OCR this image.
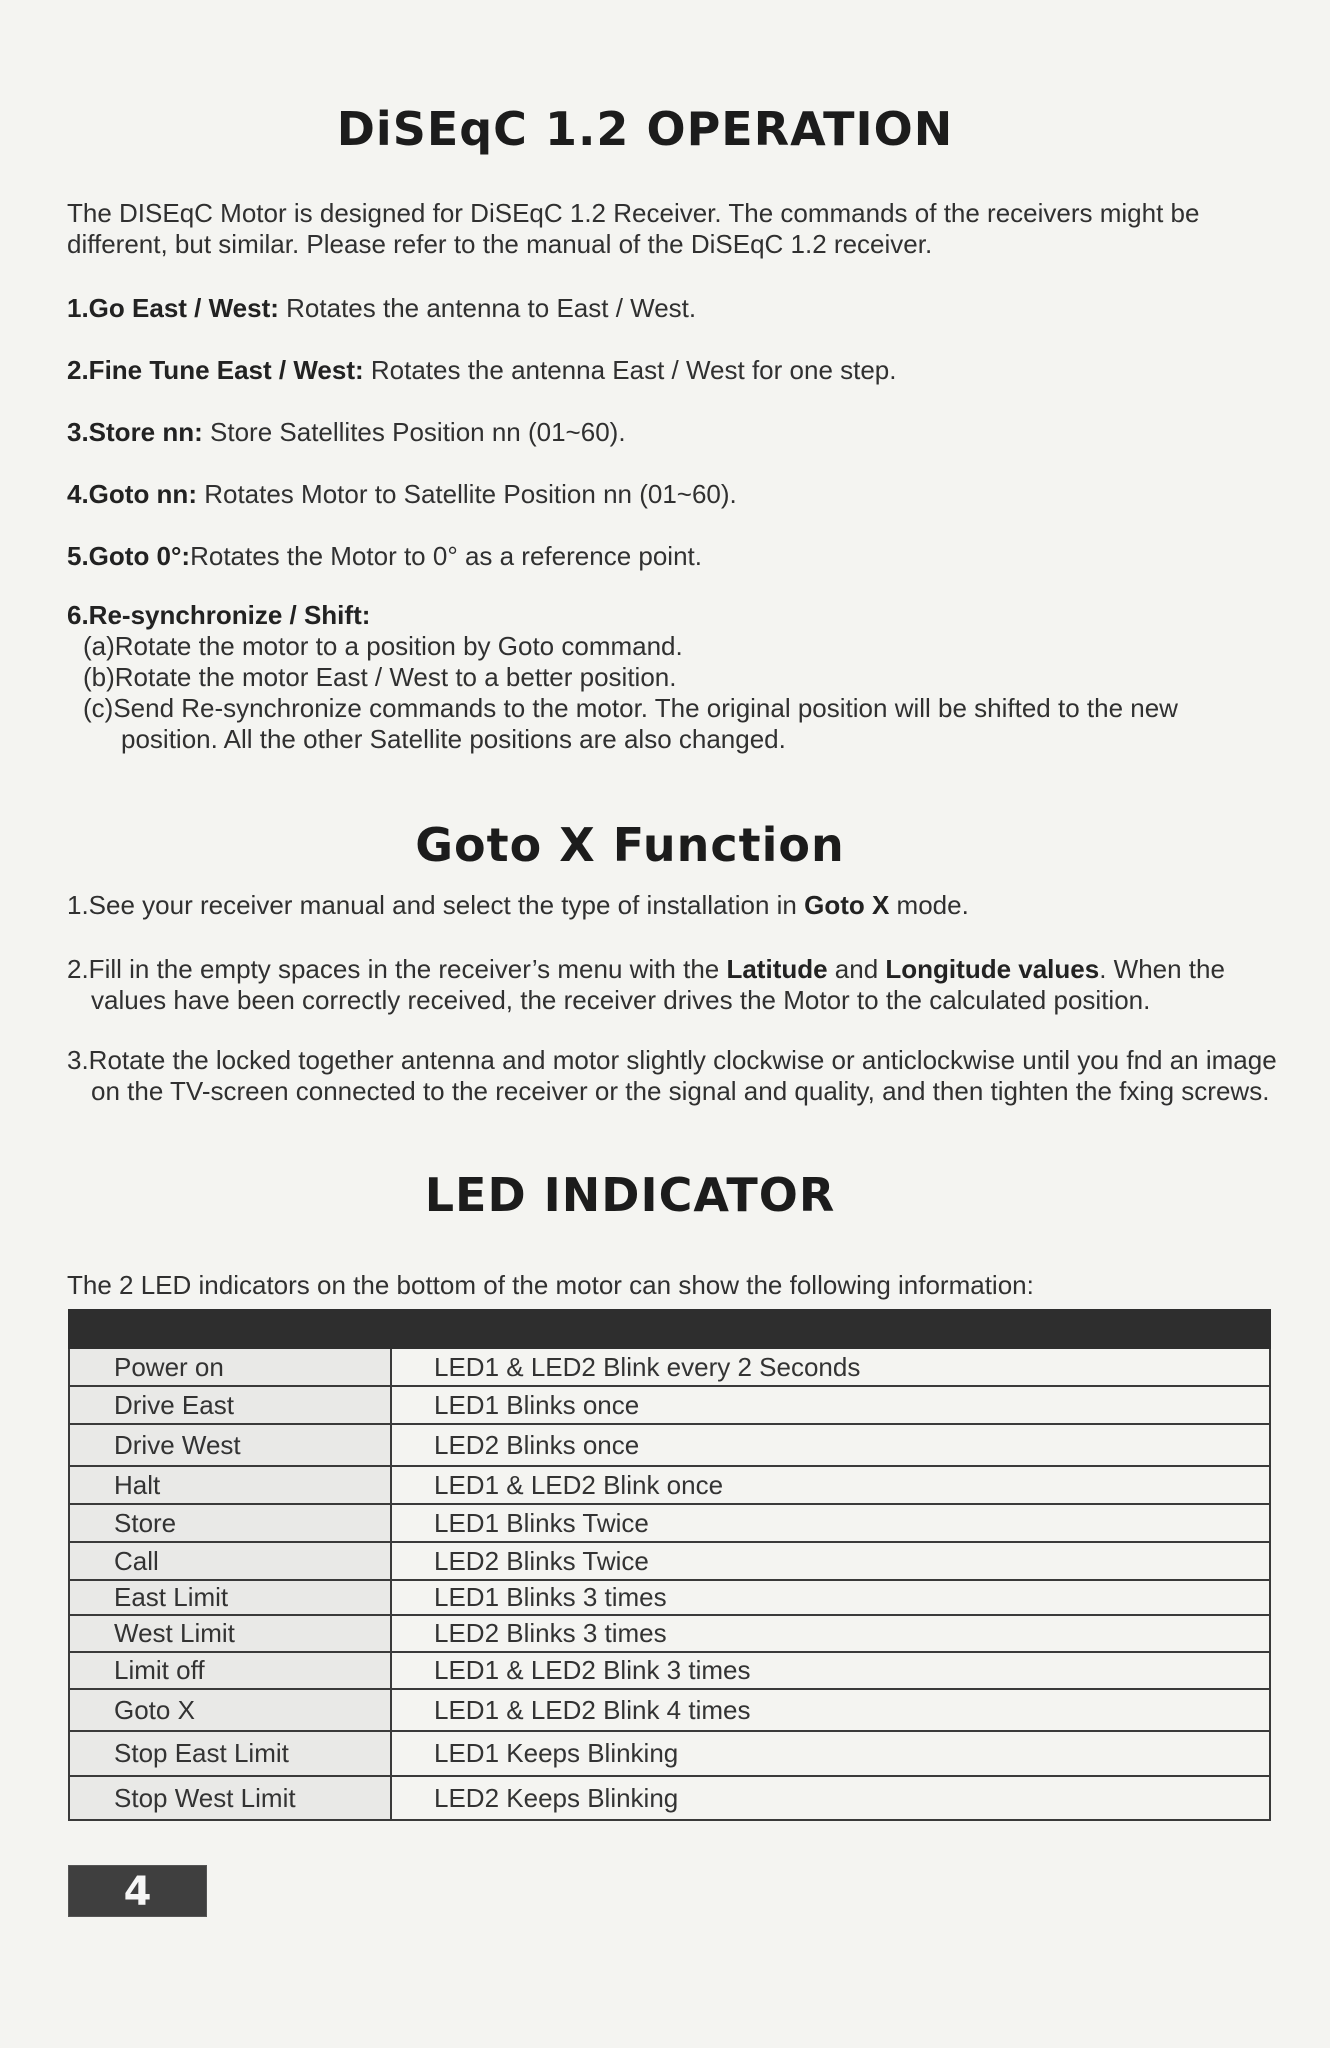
DiSEqC 1.2 OPERATION
The DISEqC Motor is designed for DiSEqC 1.2 Receiver. The commands of the receivers might be different, but similar. Please refer to the manual of the DiSEqC 1.2 receiver.
1.Go East / West: Rotates the antenna to East / West.
2.Fine Tune East / West: Rotates the antenna East / West for one step.
3.Store nn: Store Satellites Position nn (01~60).
4.Goto nn: Rotates Motor to Satellite Position nn (01~60).
5.Goto 0°:Rotates the Motor to 0° as a reference point.
6.Re-synchronize / Shift:
(a)Rotate the motor to a position by Goto command.
(b)Rotate the motor East / West to a better position.
(c)Send Re-synchronize commands to the motor. The original position will be shifted to the new position. All the other Satellite positions are also changed.
Goto X Function
1.See your receiver manual and select the type of installation in Goto X mode.
2.Fill in the empty spaces in the receiver’s menu with the Latitude and Longitude values. When the values have been correctly received, the receiver drives the Motor to the calculated position.
3.Rotate the locked together antenna and motor slightly clockwise or anticlockwise until you fnd an image on the TV-screen connected to the receiver or the signal and quality, and then tighten the fxing screws.
LED INDICATOR
The 2 LED indicators on the bottom of the motor can show the following information:

Power on	LED1 & LED2 Blink every 2 Seconds
Drive East	LED1 Blinks once
Drive West	LED2 Blinks once
Halt	LED1 & LED2 Blink once
Store	LED1 Blinks Twice
Call	LED2 Blinks Twice
East Limit	LED1 Blinks 3 times
West Limit	LED2 Blinks 3 times
Limit off	LED1 & LED2 Blink 3 times
Goto X	LED1 & LED2 Blink 4 times
Stop East Limit	LED1 Keeps Blinking
Stop West Limit	LED2 Keeps Blinking
4
